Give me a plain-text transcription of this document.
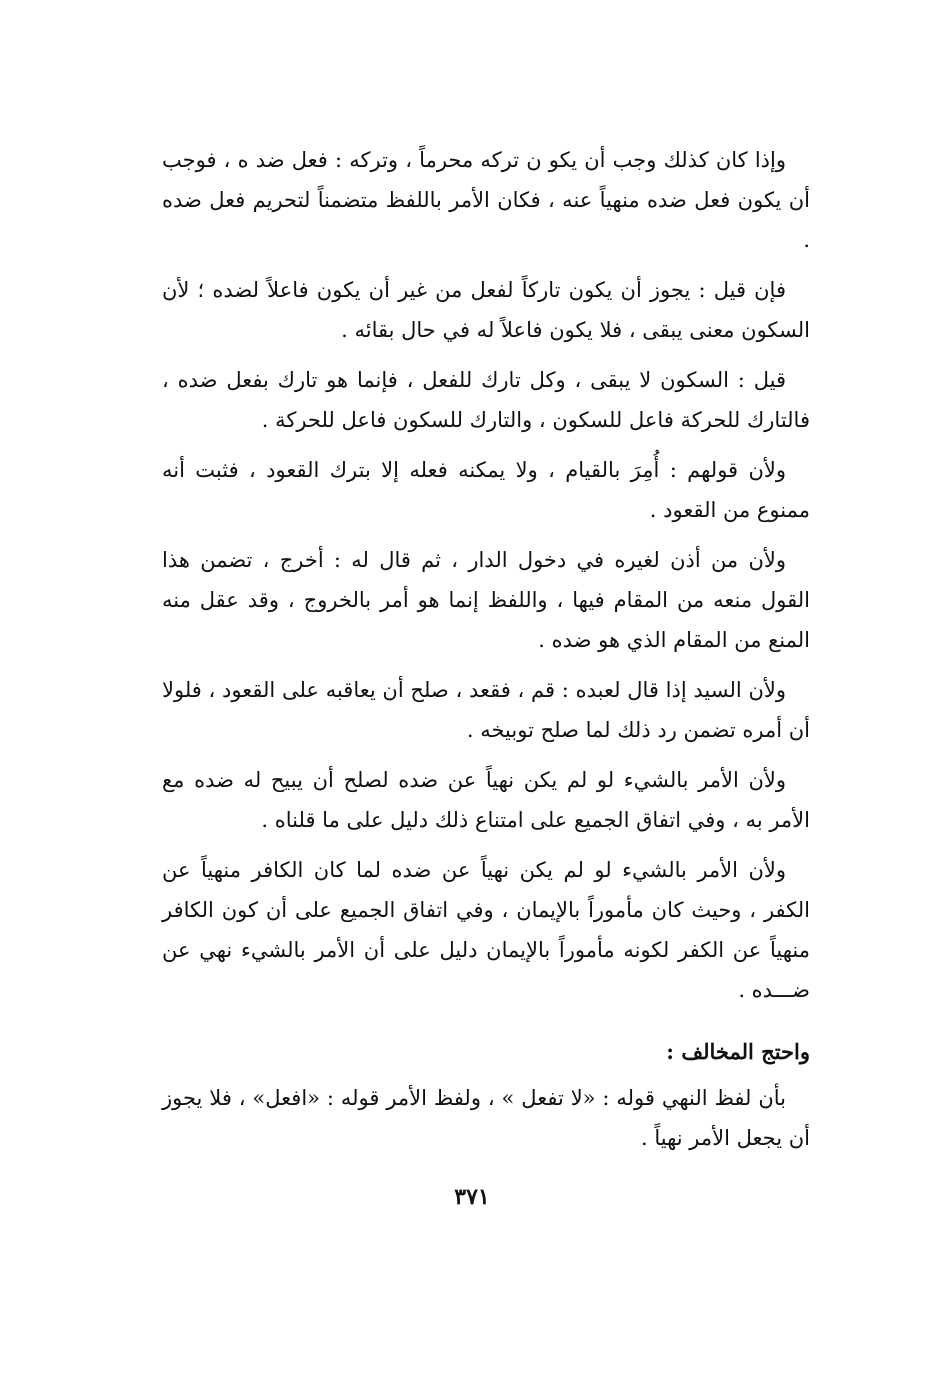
وإذا كان كذلك وجب أن يكو ن تركه محرماً ، وتركه : فعل ضد ه ، فوجب أن يكون فعل ضده منهياً عنه ، فكان الأمر باللفظ متضمناً لتحريم فعل ضده .

فإن قيل : يجوز أن يكون تاركاً لفعل من غير أن يكون فاعلاً لضده ؛ لأن السكون معنى يبقى ، فلا يكون فاعلاً له في حال بقائه .

قيل : السكون لا يبقى ، وكل تارك للفعل ، فإنما هو تارك بفعل ضده ، فالتارك للحركة فاعل للسكون ، والتارك للسكون فاعل للحركة .

ولأن قولهم : أُمِرَ بالقيام ، ولا يمكنه فعله إلا بترك القعود ، فثبت أنه ممنوع من القعود .

ولأن من أذن لغيره في دخول الدار ، ثم قال له : أخرج ، تضمن هذا القول منعه من المقام فيها ، واللفظ إنما هو أمر بالخروج ، وقد عقل منه المنع من المقام الذي هو ضده .

ولأن السيد إذا قال لعبده : قم ، فقعد ، صلح أن يعاقبه على القعود ، فلولا أن أمره تضمن رد ذلك لما صلح توبيخه .

ولأن الأمر بالشيء لو لم يكن نهياً عن ضده لصلح أن يبيح له ضده مع الأمر به ، وفي اتفاق الجميع على امتناع ذلك دليل على ما قلناه .

ولأن الأمر بالشيء لو لم يكن نهياً عن ضده لما كان الكافر منهياً عن الكفر ، وحيث كان مأموراً بالإيمان ، وفي اتفاق الجميع على أن كون الكافر منهياً عن الكفر لكونه مأموراً بالإيمان دليل على أن الأمر بالشيء نهي عن ضـــده .

واحتج المخالف :

بأن لفظ النهي قوله : «لا تفعل » ، ولفظ الأمر قوله : «افعل» ، فلا يجوز أن يجعل الأمر نهياً .

٣٧١
